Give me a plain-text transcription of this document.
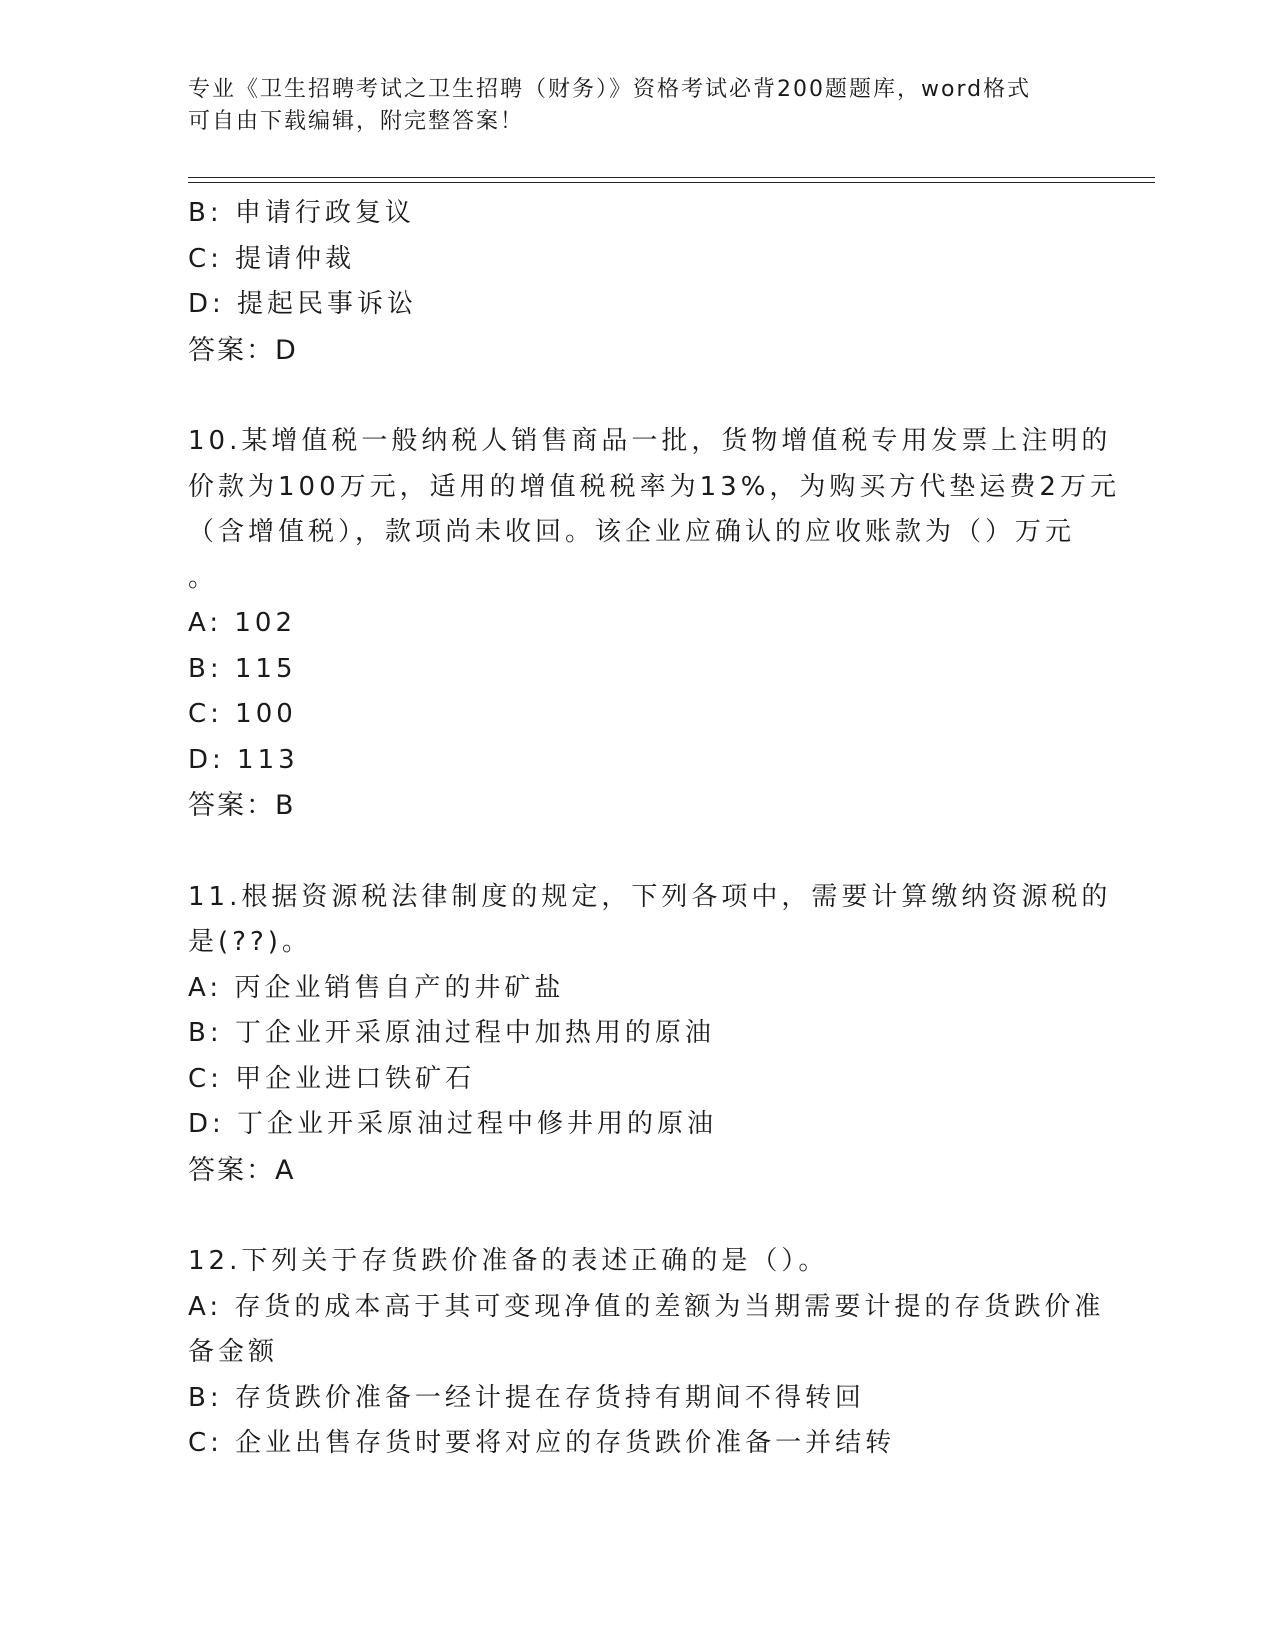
专业《卫生招聘考试之卫生招聘（财务）》资格考试必背200题题库，word格式
可自由下载编辑，附完整答案！
B: 申请行政复议
C: 提请仲裁
D: 提起民事诉讼
答案：D
10.某增值税一般纳税人销售商品一批，货物增值税专用发票上注明的
价款为100万元，适用的增值税税率为13%，为购买方代垫运费2万元
（含增值税），款项尚未收回。该企业应确认的应收账款为（）万元
。
A: 102
B: 115
C: 100
D: 113
答案：B
11.根据资源税法律制度的规定，下列各项中，需要计算缴纳资源税的
是(??)。
A: 丙企业销售自产的井矿盐
B: 丁企业开采原油过程中加热用的原油
C: 甲企业进口铁矿石
D: 丁企业开采原油过程中修井用的原油
答案：A
12.下列关于存货跌价准备的表述正确的是（）。
A: 存货的成本高于其可变现净值的差额为当期需要计提的存货跌价准
备金额
B: 存货跌价准备一经计提在存货持有期间不得转回
C: 企业出售存货时要将对应的存货跌价准备一并结转
